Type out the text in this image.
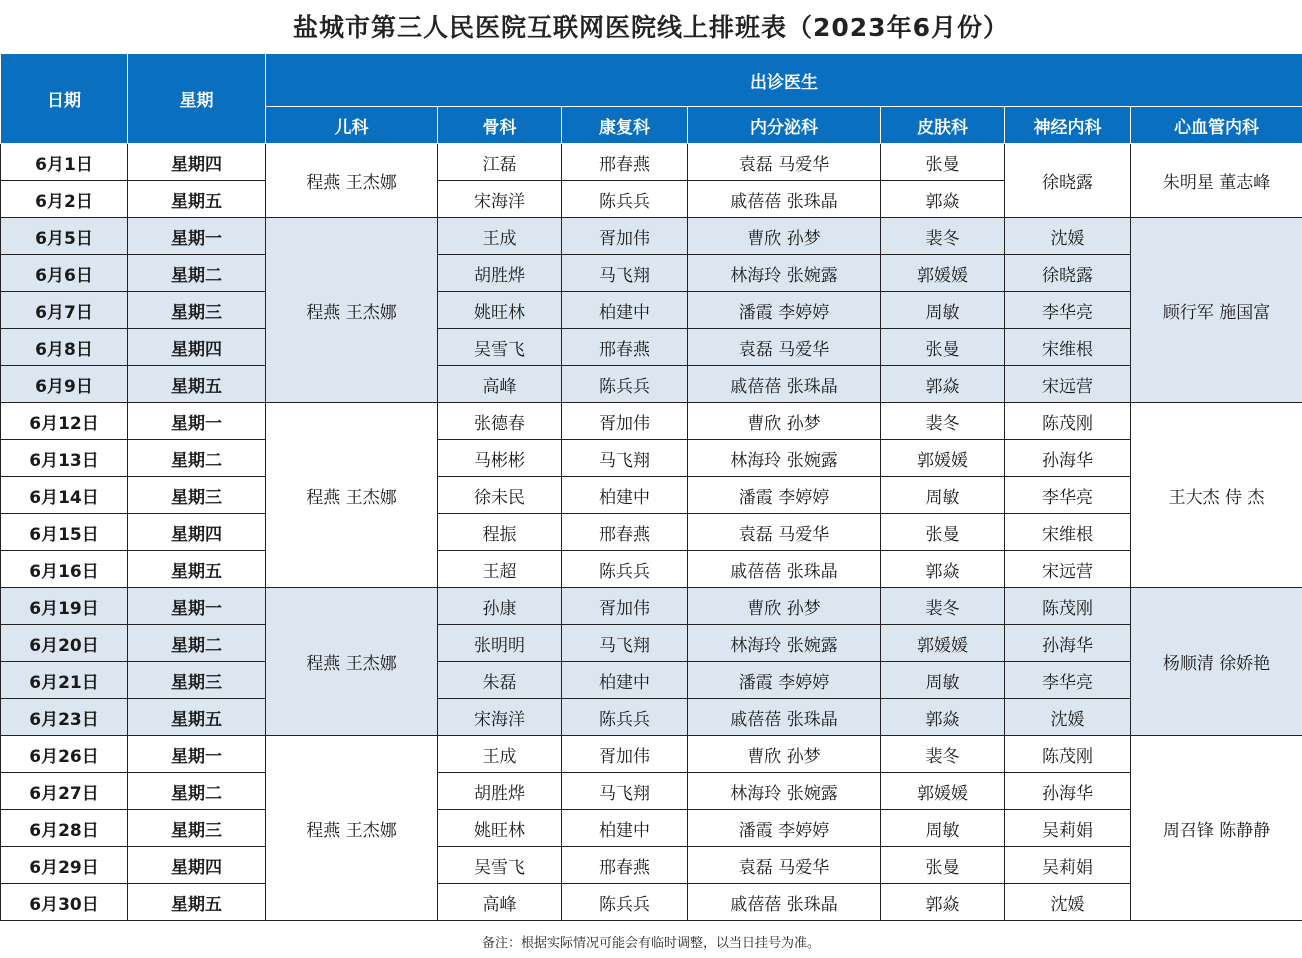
盐城市第三人民医院互联网医院线上排班表（2023年6月份）
日期	星期	出诊医生						
		儿科	骨科	康复科	内分泌科	皮肤科	神经内科	心血管内科
6月1日	星期四	程燕 王杰娜	江磊	邢春燕	袁磊 马爱华	张曼	徐晓露	朱明星 董志峰
6月2日	星期五		宋海洋	陈兵兵	戚蓓蓓 张珠晶	郭焱		
6月5日	星期一	程燕 王杰娜	王成	胥加伟	曹欣 孙梦	裴冬	沈媛	顾行军 施国富
6月6日	星期二		胡胜烨	马飞翔	林海玲 张婉露	郭媛媛	徐晓露	
6月7日	星期三		姚旺林	柏建中	潘霞 李婷婷	周敏	李华亮	
6月8日	星期四		吴雪飞	邢春燕	袁磊 马爱华	张曼	宋维根	
6月9日	星期五		高峰	陈兵兵	戚蓓蓓 张珠晶	郭焱	宋远营	
6月12日	星期一	程燕 王杰娜	张德春	胥加伟	曹欣 孙梦	裴冬	陈茂刚	王大杰 侍 杰
6月13日	星期二		马彬彬	马飞翔	林海玲 张婉露	郭媛媛	孙海华	
6月14日	星期三		徐未民	柏建中	潘霞 李婷婷	周敏	李华亮	
6月15日	星期四		程振	邢春燕	袁磊 马爱华	张曼	宋维根	
6月16日	星期五		王超	陈兵兵	戚蓓蓓 张珠晶	郭焱	宋远营	
6月19日	星期一	程燕 王杰娜	孙康	胥加伟	曹欣 孙梦	裴冬	陈茂刚	杨顺清 徐娇艳
6月20日	星期二		张明明	马飞翔	林海玲 张婉露	郭媛媛	孙海华	
6月21日	星期三		朱磊	柏建中	潘霞 李婷婷	周敏	李华亮	
6月23日	星期五		宋海洋	陈兵兵	戚蓓蓓 张珠晶	郭焱	沈媛	
6月26日	星期一	程燕 王杰娜	王成	胥加伟	曹欣 孙梦	裴冬	陈茂刚	周召锋 陈静静
6月27日	星期二		胡胜烨	马飞翔	林海玲 张婉露	郭媛媛	孙海华	
6月28日	星期三		姚旺林	柏建中	潘霞 李婷婷	周敏	吴莉娟	
6月29日	星期四		吴雪飞	邢春燕	袁磊 马爱华	张曼	吴莉娟	
6月30日	星期五		高峰	陈兵兵	戚蓓蓓 张珠晶	郭焱	沈媛	
备注：根据实际情况可能会有临时调整，以当日挂号为准。
